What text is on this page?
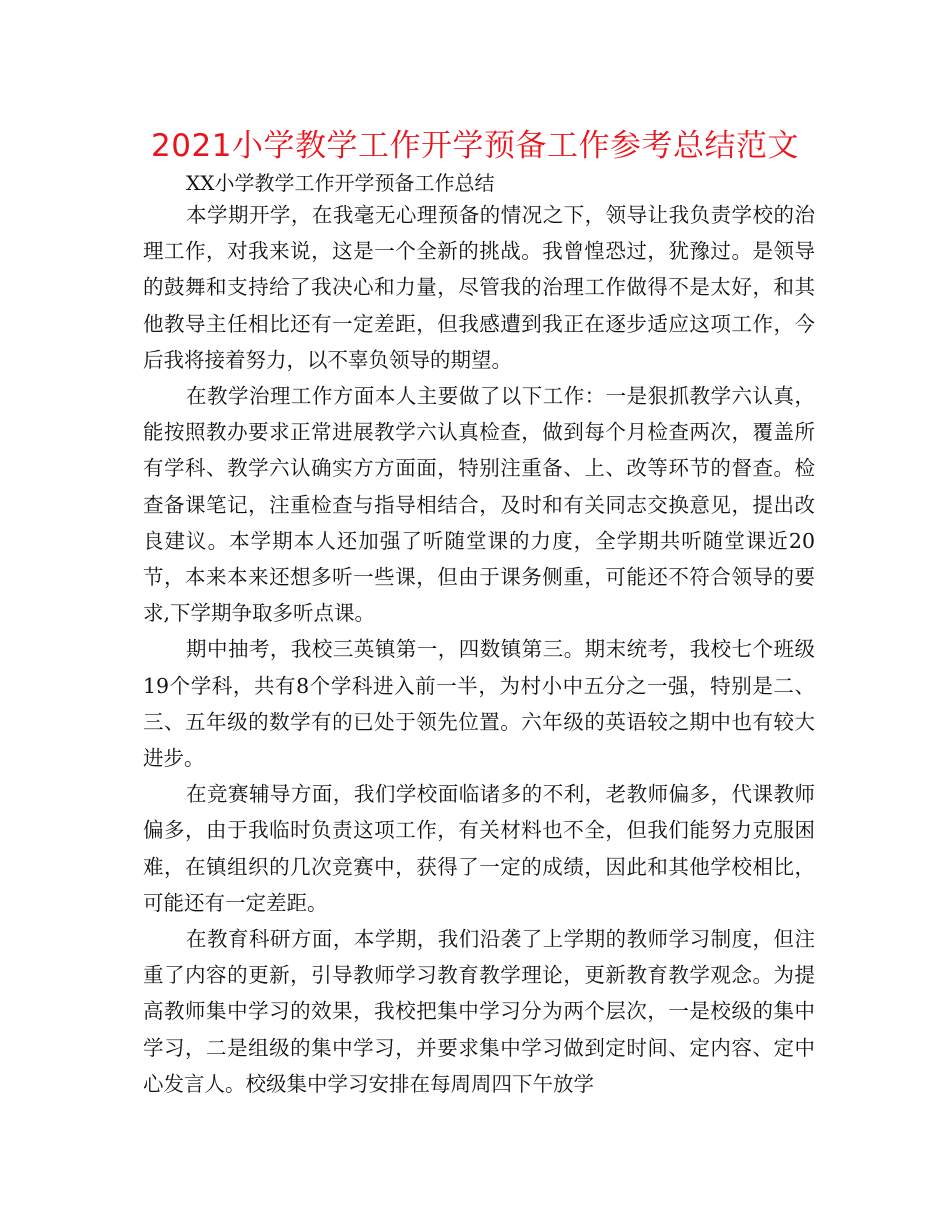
2021小学教学工作开学预备工作参考总结范文
XX小学教学工作开学预备工作总结

本学期开学，在我毫无心理预备的情况之下，领导让我负责学校的治理工作，对我来说，这是一个全新的挑战。我曾惶恐过，犹豫过。是领导的鼓舞和支持给了我决心和力量，尽管我的治理工作做得不是太好，和其他教导主任相比还有一定差距，但我感遭到我正在逐步适应这项工作，今后我将接着努力，以不辜负领导的期望。

在教学治理工作方面本人主要做了以下工作：一是狠抓教学六认真，能按照教办要求正常进展教学六认真检查，做到每个月检查两次，覆盖所有学科、教学六认确实方方面面，特别注重备、上、改等环节的督查。检查备课笔记，注重检查与指导相结合，及时和有关同志交换意见，提出改良建议。本学期本人还加强了听随堂课的力度，全学期共听随堂课近20节，本来本来还想多听一些课，但由于课务侧重，可能还不符合领导的要求,下学期争取多听点课。

期中抽考，我校三英镇第一，四数镇第三。期末统考，我校七个班级19个学科，共有8个学科进入前一半，为村小中五分之一强，特别是二、三、五年级的数学有的已处于领先位置。六年级的英语较之期中也有较大进步。

在竞赛辅导方面，我们学校面临诸多的不利，老教师偏多，代课教师偏多，由于我临时负责这项工作，有关材料也不全，但我们能努力克服困难，在镇组织的几次竞赛中，获得了一定的成绩，因此和其他学校相比，可能还有一定差距。

在教育科研方面，本学期，我们沿袭了上学期的教师学习制度，但注重了内容的更新，引导教师学习教育教学理论，更新教育教学观念。为提高教师集中学习的效果，我校把集中学习分为两个层次，一是校级的集中学习，二是组级的集中学习，并要求集中学习做到定时间、定内容、定中心发言人。校级集中学习安排在每周周四下午放学
